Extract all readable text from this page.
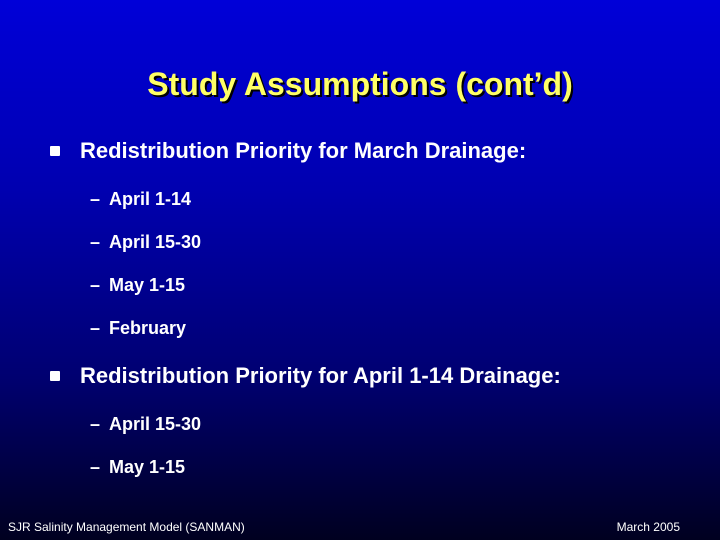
Study Assumptions (cont’d)
Redistribution Priority for March Drainage:
– April 1-14
– April 15-30
– May 1-15
– February
Redistribution Priority for April 1-14 Drainage:
– April 15-30
– May 1-15
SJR Salinity Management Model (SANMAN)	March 2005
